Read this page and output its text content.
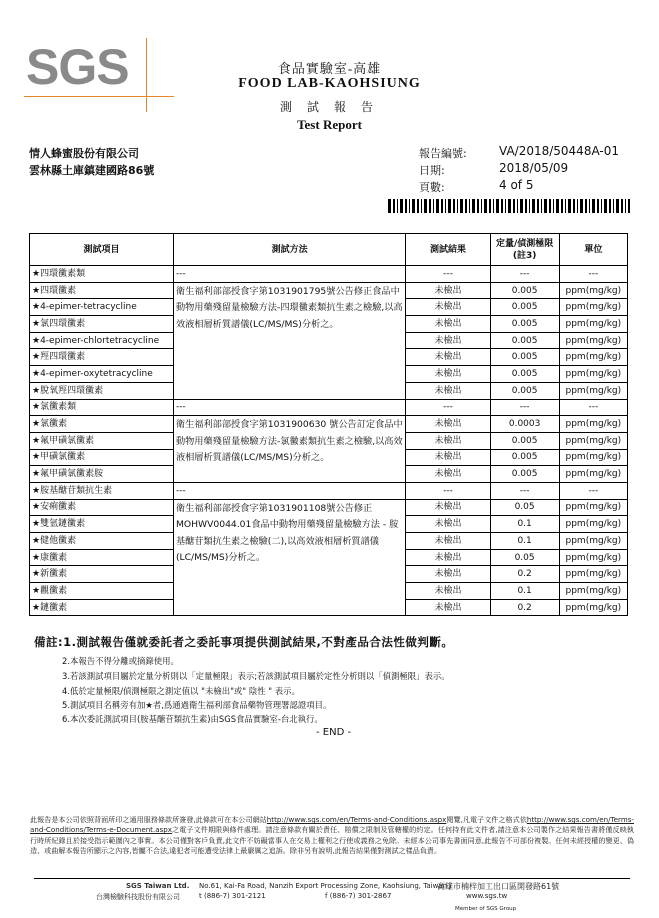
SGS	食品實驗室-高雄
FOOD LAB-KAOHSIUNG
測 試 報 告
Test Report
情人蜂蜜股份有限公司
雲林縣土庫鎮建國路86號
報告編號:	VA/2018/50448A-01
日期:	2018/05/09
頁數:	4 of 5
測試項目	測試方法	測試結果	定量/偵測極限(註3)	單位
★四環黴素類	---	---	---	---
★四環黴素	衛生福利部部授食字第1031901795號公告修正食品中動物用藥殘留量檢驗方法-四環黴素類抗生素之檢驗,以高效液相層析質譜儀(LC/MS/MS)分析之。	未檢出	0.005	ppm(mg/kg)
★4-epimer-tetracycline		未檢出	0.005	ppm(mg/kg)
★氯四環黴素		未檢出	0.005	ppm(mg/kg)
★4-epimer-chlortetracycline		未檢出	0.005	ppm(mg/kg)
★羥四環黴素		未檢出	0.005	ppm(mg/kg)
★4-epimer-oxytetracycline		未檢出	0.005	ppm(mg/kg)
★脫氧羥四環黴素		未檢出	0.005	ppm(mg/kg)
★氯黴素類	---	---	---	---
★氯黴素	衛生福利部部授食字第1031900630 號公告訂定食品中動物用藥殘留量檢驗方法-氯黴素類抗生素之檢驗,以高效液相層析質譜儀(LC/MS/MS)分析之。	未檢出	0.0003	ppm(mg/kg)
★氟甲磺氯黴素		未檢出	0.005	ppm(mg/kg)
★甲磺氯黴素		未檢出	0.005	ppm(mg/kg)
★氟甲磺氯黴素胺		未檢出	0.005	ppm(mg/kg)
★胺基醣苷類抗生素	---	---	---	---
★安痢黴素	衛生福利部部授食字第1031901108號公告修正MOHWV0044.01食品中動物用藥殘留量檢驗方法 - 胺基醣苷類抗生素之檢驗(二),以高效液相層析質譜儀(LC/MS/MS)分析之。	未檢出	0.05	ppm(mg/kg)
★雙氫鏈黴素		未檢出	0.1	ppm(mg/kg)
★健他黴素		未檢出	0.1	ppm(mg/kg)
★康黴素		未檢出	0.05	ppm(mg/kg)
★新黴素		未檢出	0.2	ppm(mg/kg)
★觀黴素		未檢出	0.1	ppm(mg/kg)
★鏈黴素		未檢出	0.2	ppm(mg/kg)
備註:1.測試報告僅就委託者之委託事項提供測試結果,不對產品合法性做判斷。
2.本報告不得分離或摘錄使用。
3.若該測試項目屬於定量分析則以「定量極限」表示;若該測試項目屬於定性分析則以「偵測極限」表示。
4.低於定量極限/偵測極限之測定值以 "未檢出"或" 陰性 " 表示。
5.測試項目名稱旁有加★者,爲通過衛生福利部食品藥物管理署認證項目。
6.本次委託測試項目(胺基醣苷類抗生素)由SGS食品實驗室-台北執行。
- END -
此報告是本公司依照背面所印之通用服務條款所簽發,此條款可在本公司網站http://www.sgs.com/en/Terms-and-Conditions.aspx閱覽,凡電子文件之格式依http://www.sgs.com/en/Terms-and-Conditions/Terms-e-Document.aspx之電子文件期限與條件處理。請注意條款有關於責任、賠償之限制及管轄權的約定。任何持有此文件者,請注意本公司製作之結果報告書將僅反映執行時所紀錄且於接受指示範圍內之事實。本公司僅對客戶負責,此文件不妨礙當事人在交易上權利之行使或義務之免除。未經本公司事先書面同意,此報告不可部份複製。任何未經授權的變更、偽造、或曲解本報告所顯示之內容,皆屬不合法,違犯者可能遭受法律上最嚴厲之追訴。除非另有說明,此報告結果僅對測試之樣品負責。
SGS Taiwan Ltd.
台灣檢驗科技股份有限公司
No.61, Kai-Fa Road, Nanzih Export Processing Zone, Kaohsiung, Taiwan /
高雄市楠梓加工出口區開發路61號
t (886-7) 301-2121	f (886-7) 301-2867	www.sgs.tw
Member of SGS Group
